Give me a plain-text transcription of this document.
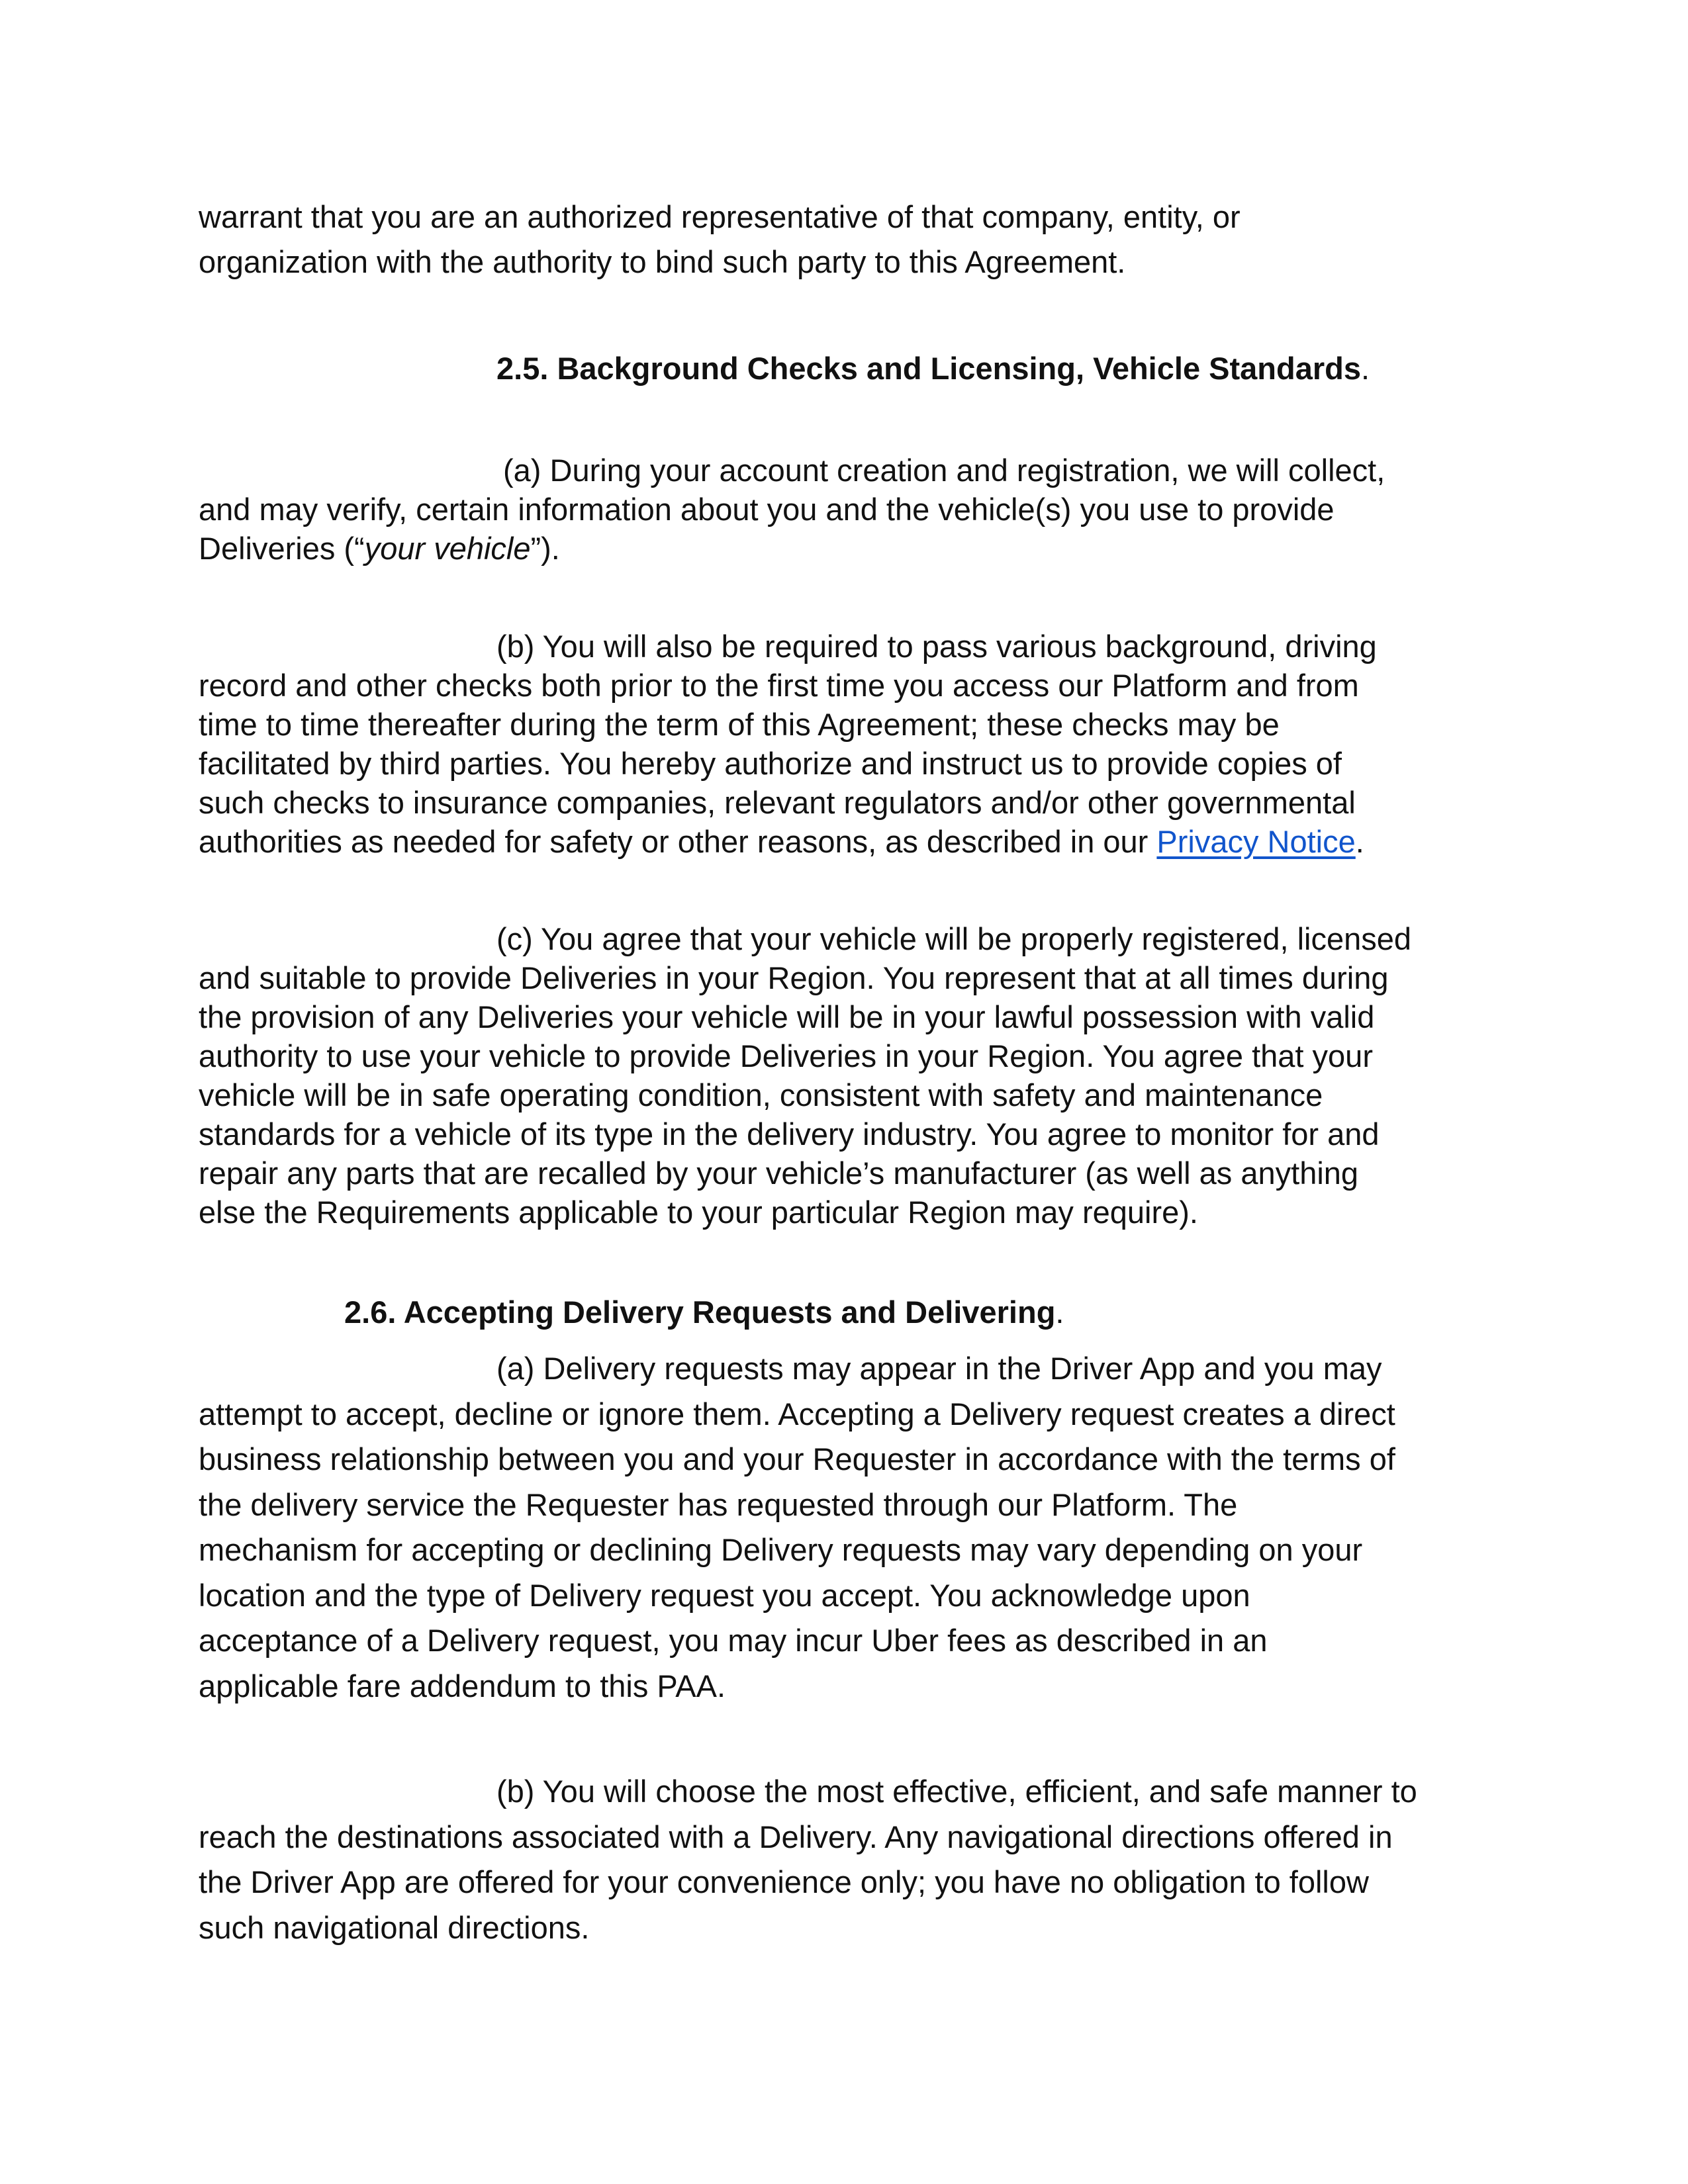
warrant that you are an authorized representative of that company, entity, or
organization with the authority to bind such party to this Agreement.

2.5. Background Checks and Licensing, Vehicle Standards.

(a) During your account creation and registration, we will collect,
and may verify, certain information about you and the vehicle(s) you use to provide
Deliveries (“your vehicle”).

(b) You will also be required to pass various background, driving
record and other checks both prior to the first time you access our Platform and from
time to time thereafter during the term of this Agreement; these checks may be
facilitated by third parties. You hereby authorize and instruct us to provide copies of
such checks to insurance companies, relevant regulators and/or other governmental
authorities as needed for safety or other reasons, as described in our Privacy Notice.

(c) You agree that your vehicle will be properly registered, licensed
and suitable to provide Deliveries in your Region. You represent that at all times during
the provision of any Deliveries your vehicle will be in your lawful possession with valid
authority to use your vehicle to provide Deliveries in your Region. You agree that your
vehicle will be in safe operating condition, consistent with safety and maintenance
standards for a vehicle of its type in the delivery industry. You agree to monitor for and
repair any parts that are recalled by your vehicle’s manufacturer (as well as anything
else the Requirements applicable to your particular Region may require).

2.6. Accepting Delivery Requests and Delivering.

(a) Delivery requests may appear in the Driver App and you may
attempt to accept, decline or ignore them. Accepting a Delivery request creates a direct
business relationship between you and your Requester in accordance with the terms of
the delivery service the Requester has requested through our Platform. The
mechanism for accepting or declining Delivery requests may vary depending on your
location and the type of Delivery request you accept. You acknowledge upon
acceptance of a Delivery request, you may incur Uber fees as described in an
applicable fare addendum to this PAA.

(b) You will choose the most effective, efficient, and safe manner to
reach the destinations associated with a Delivery. Any navigational directions offered in
the Driver App are offered for your convenience only; you have no obligation to follow
such navigational directions.
